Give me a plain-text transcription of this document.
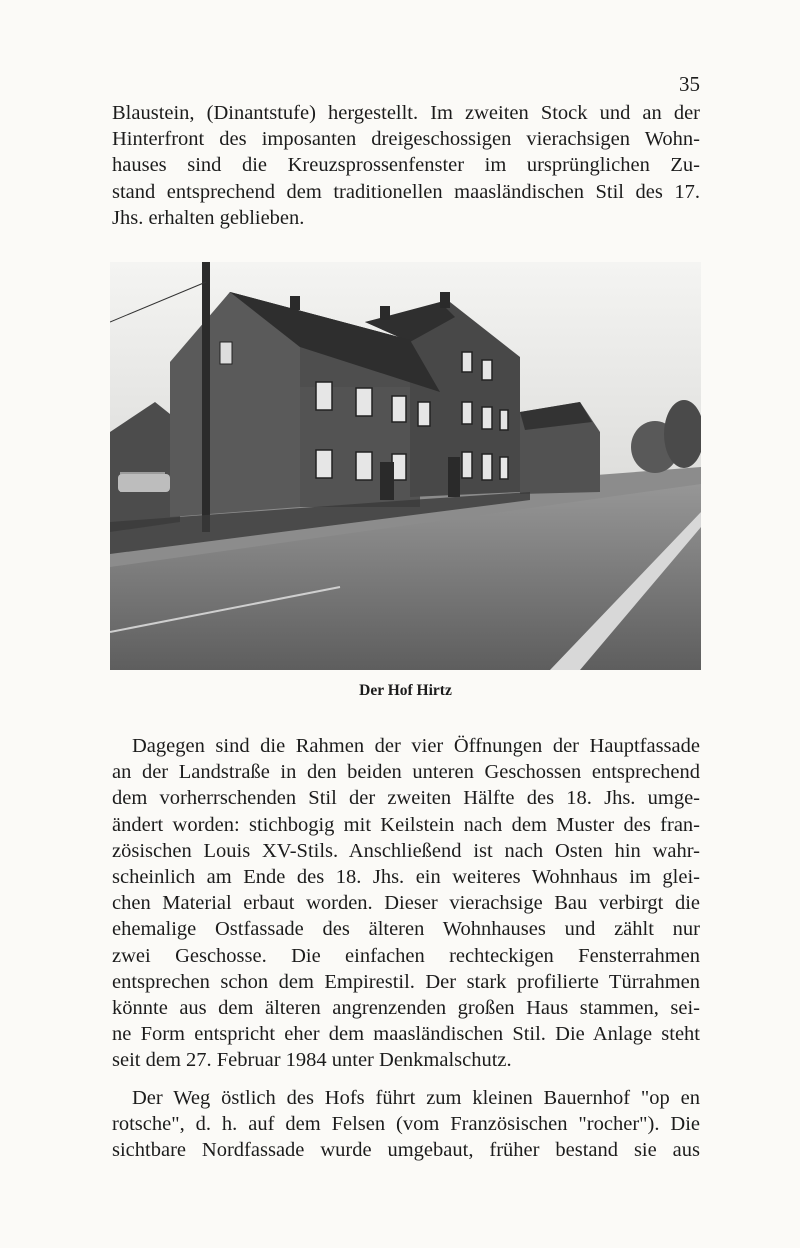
35

Blaustein, (Dinantstufe) hergestellt. Im zweiten Stock und an der
Hinterfront des imposanten dreigeschossigen vierachsigen Wohn-
hauses sind die Kreuzsprossenfenster im ursprünglichen Zu-
stand entsprechend dem traditionellen maasländischen Stil des 17.
Jhs. erhalten geblieben.

Der Hof Hirtz

Dagegen sind die Rahmen der vier Öffnungen der Hauptfassade
an der Landstraße in den beiden unteren Geschossen entsprechend
dem vorherrschenden Stil der zweiten Hälfte des 18. Jhs. umge-
ändert worden: stichbogig mit Keilstein nach dem Muster des fran-
zösischen Louis XV-Stils. Anschließend ist nach Osten hin wahr-
scheinlich am Ende des 18. Jhs. ein weiteres Wohnhaus im glei-
chen Material erbaut worden. Dieser vierachsige Bau verbirgt die
ehemalige Ostfassade des älteren Wohnhauses und zählt nur
zwei Geschosse. Die einfachen rechteckigen Fensterrahmen
entsprechen schon dem Empirestil. Der stark profilierte Türrahmen
könnte aus dem älteren angrenzenden großen Haus stammen, sei-
ne Form entspricht eher dem maasländischen Stil. Die Anlage steht
seit dem 27. Februar 1984 unter Denkmalschutz.

Der Weg östlich des Hofs führt zum kleinen Bauernhof "op en
rotsche", d. h. auf dem Felsen (vom Französischen "rocher"). Die
sichtbare Nordfassade wurde umgebaut, früher bestand sie aus
